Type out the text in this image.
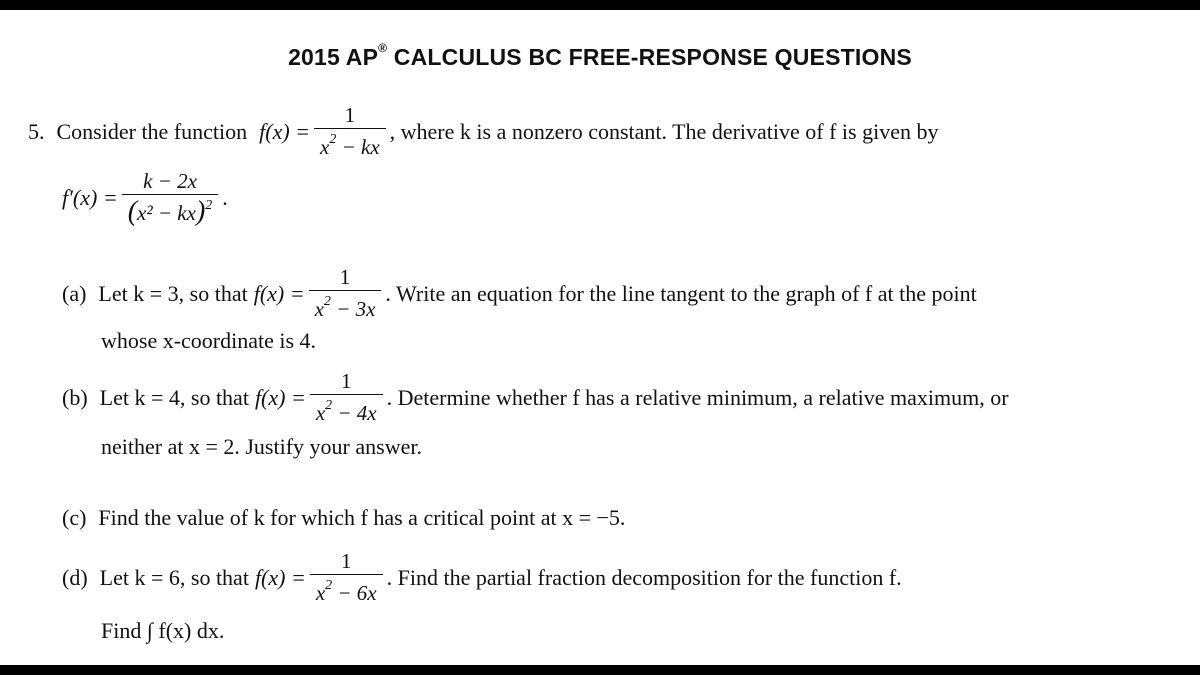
2015 AP® CALCULUS BC FREE-RESPONSE QUESTIONS
5. Consider the function $f(x) = \frac{1}{x^2 - kx}$ , where k is a nonzero constant. The derivative of f is given by
$f'(x) = \frac{k - 2x}{(x^2 - kx)^2}$ .
(a) Let k = 3, so that $f(x) = \frac{1}{x^2 - 3x}$ . Write an equation for the line tangent to the graph of f at the point
whose x-coordinate is 4.
(b) Let k = 4, so that $f(x) = \frac{1}{x^2 - 4x}$ . Determine whether f has a relative minimum, a relative maximum, or
neither at x = 2. Justify your answer.
(c) Find the value of k for which f has a critical point at x = −5.
(d) Let k = 6, so that $f(x) = \frac{1}{x^2 - 6x}$ . Find the partial fraction decomposition for the function f.
Find ∫ f(x) dx.
